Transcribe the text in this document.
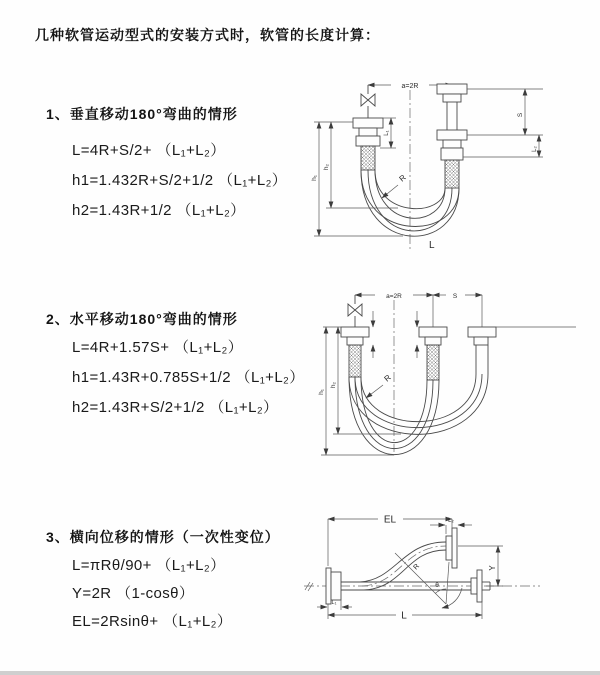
几种软管运动型式的安装方式时，软管的长度计算：
1、垂直移动180°弯曲的情形
L=4R+S/2+ （L₁+L₂）
h1=1.432R+S/2+1/2 （L₁+L₂）
h2=1.43R+1/2 （L₁+L₂）
2、水平移动180°弯曲的情形
L=4R+1.57S+ （L₁+L₂）
h1=1.43R+0.785S+1/2 （L₁+L₂）
h2=1.43R+S/2+1/2 （L₁+L₂）
3、横向位移的情形（一次性变位）
L=πRθ/90+ （L₁+L₂）
Y=2R （1-cosθ）
EL=2Rsinθ+ （L₁+L₂）
a=2R
h₁
h₂
L₁
S
L₂
R
L
a=2R	S
h₁
h₂
R
EL	L₂
Y
R
θ
L
L₁
